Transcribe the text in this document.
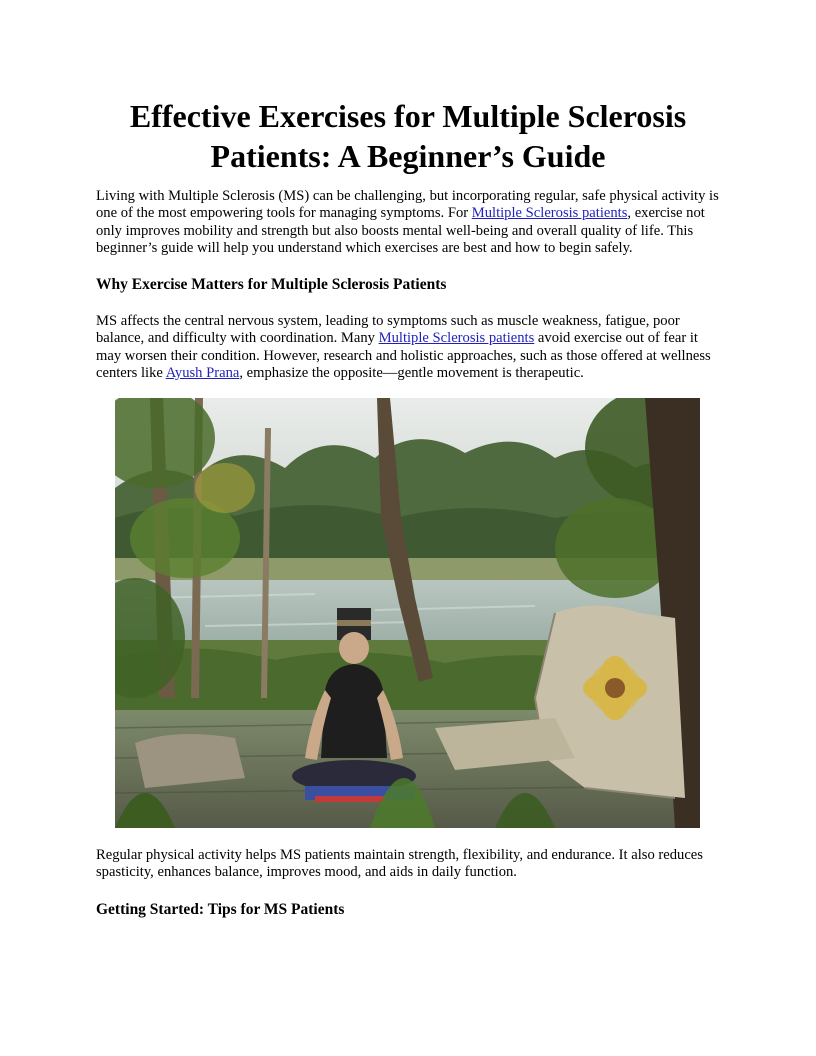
Effective Exercises for Multiple Sclerosis Patients: A Beginner’s Guide

Living with Multiple Sclerosis (MS) can be challenging, but incorporating regular, safe physical activity is one of the most empowering tools for managing symptoms. For Multiple Sclerosis patients, exercise not only improves mobility and strength but also boosts mental well-being and overall quality of life. This beginner’s guide will help you understand which exercises are best and how to begin safely.

Why Exercise Matters for Multiple Sclerosis Patients

MS affects the central nervous system, leading to symptoms such as muscle weakness, fatigue, poor balance, and difficulty with coordination. Many Multiple Sclerosis patients avoid exercise out of fear it may worsen their condition. However, research and holistic approaches, such as those offered at wellness centers like Ayush Prana, emphasize the opposite—gentle movement is therapeutic.

Regular physical activity helps MS patients maintain strength, flexibility, and endurance. It also reduces spasticity, enhances balance, improves mood, and aids in daily function.

Getting Started: Tips for MS Patients
